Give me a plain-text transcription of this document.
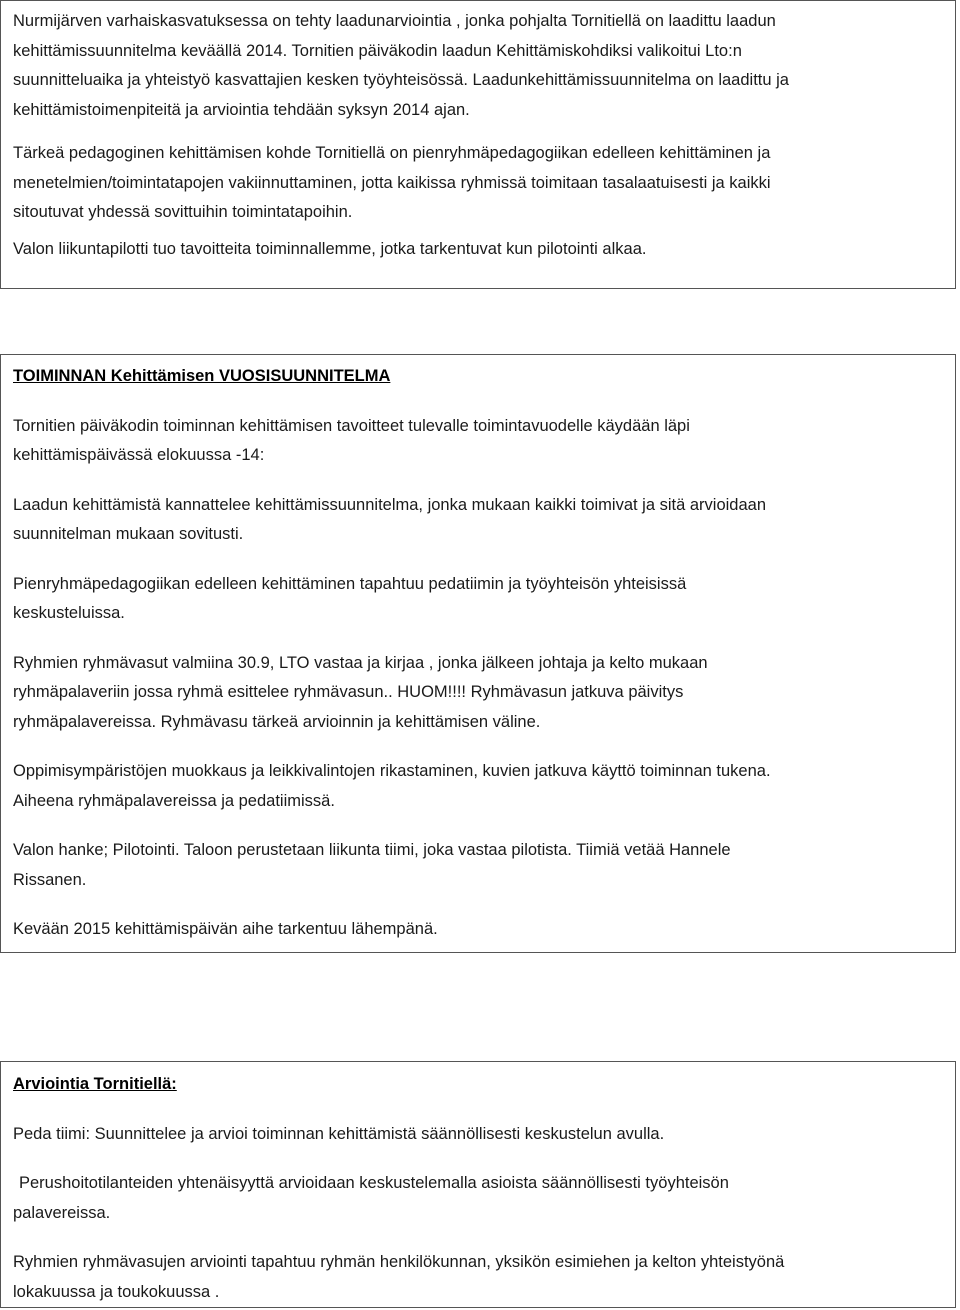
Nurmijärven varhaiskasvatuksessa on tehty laadunarviointia , jonka pohjalta Tornitiellä on laadittu laadun
kehittämissuunnitelma keväällä 2014. Tornitien päiväkodin laadun Kehittämiskohdiksi valikoitui Lto:n
suunnitteluaika ja yhteistyö kasvattajien kesken työyhteisössä. Laadunkehittämissuunnitelma on laadittu ja
kehittämistoimenpiteitä ja arviointia tehdään syksyn 2014 ajan.

Tärkeä pedagoginen kehittämisen kohde Tornitiellä on pienryhmäpedagogiikan edelleen kehittäminen ja
menetelmien/toimintatapojen vakiinnuttaminen, jotta kaikissa ryhmissä toimitaan tasalaatuisesti ja kaikki
sitoutuvat yhdessä sovittuihin toimintatapoihin.

Valon liikuntapilotti tuo tavoitteita toiminnallemme, jotka tarkentuvat kun pilotointi alkaa.

TOIMINNAN Kehittämisen VUOSISUUNNITELMA

Tornitien päiväkodin toiminnan kehittämisen tavoitteet tulevalle toimintavuodelle käydään läpi
kehittämispäivässä elokuussa -14:

Laadun kehittämistä kannattelee kehittämissuunnitelma, jonka mukaan kaikki toimivat ja sitä arvioidaan
suunnitelman mukaan sovitusti.

Pienryhmäpedagogiikan edelleen kehittäminen tapahtuu pedatiimin ja työyhteisön yhteisissä
keskusteluissa.

Ryhmien ryhmävasut valmiina 30.9, LTO vastaa ja kirjaa , jonka jälkeen johtaja ja kelto mukaan
ryhmäpalaveriin jossa ryhmä esittelee ryhmävasun.. HUOM!!!! Ryhmävasun jatkuva päivitys
ryhmäpalavereissa. Ryhmävasu tärkeä arvioinnin ja kehittämisen väline.

Oppimisympäristöjen muokkaus ja leikkivalintojen rikastaminen, kuvien jatkuva käyttö toiminnan tukena.
Aiheena ryhmäpalavereissa ja pedatiimissä.

Valon hanke; Pilotointi. Taloon perustetaan liikunta tiimi, joka vastaa pilotista. Tiimiä vetää Hannele
Rissanen.

Kevään 2015 kehittämispäivän aihe tarkentuu lähempänä.

Arviointia Tornitiellä:

Peda tiimi: Suunnittelee ja arvioi toiminnan kehittämistä säännöllisesti keskustelun avulla.

Perushoitotilanteiden yhtenäisyyttä arvioidaan keskustelemalla asioista säännöllisesti työyhteisön
palavereissa.

Ryhmien ryhmävasujen arviointi tapahtuu ryhmän henkilökunnan, yksikön esimiehen ja kelton yhteistyönä
lokakuussa ja toukokuussa .
